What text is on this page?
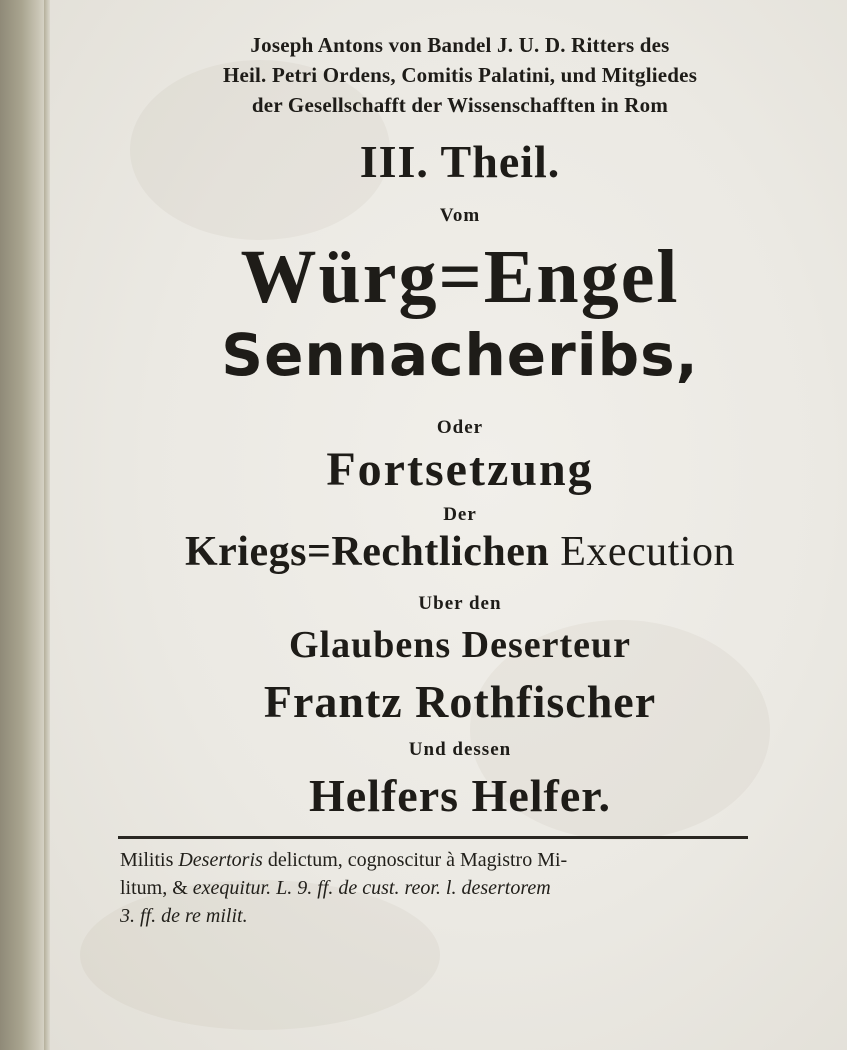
Joseph Antons von Bandel J. U. D. Ritters des
Heil. Petri Ordens, Comitis Palatini, und Mitgliedes
der Gesellschafft der Wissenschafften in Rom
III. Theil.
Vom
Würg=Engel
Sennacheribs,
Oder
Fortsetzung
Der
Kriegs=Rechtlichen Execution
Uber den
Glaubens Deserteur
Frantz Rothfischer
Und dessen
Helfers Helfer.
Militis Desertoris delictum, cognoscitur à Magistro Mi-
litum, & exequitur. L. 9. ff. de cust. reor. l. desertorem
3. ff. de re milit.
